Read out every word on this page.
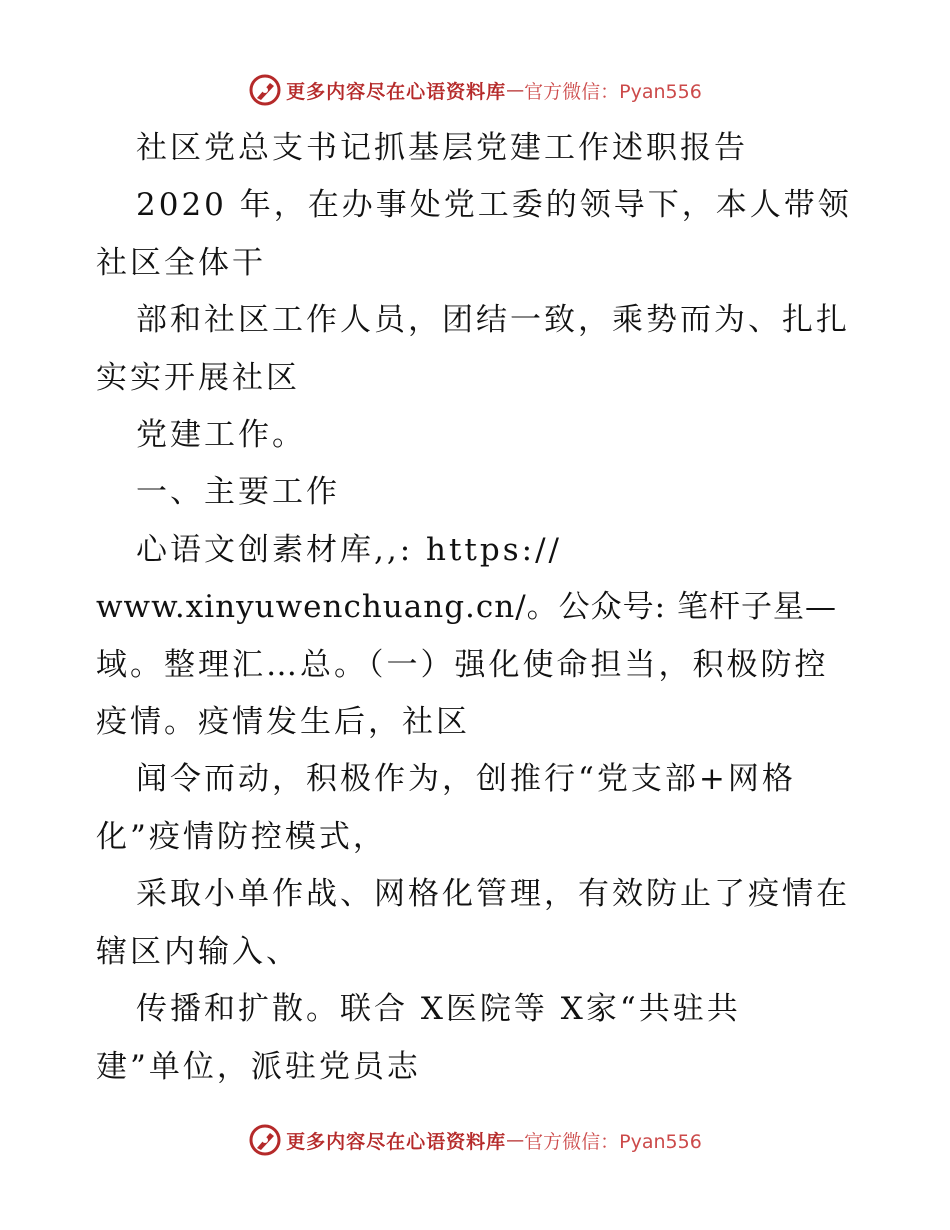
更多内容尽在心语资料库 — 官方微信：Pyan556
社区党总支书记抓基层党建工作述职报告
2020 年，在办事处党工委的领导下，本人带领
社区全体干
部和社区工作人员，团结一致，乘势而为、扎扎
实实开展社区
党建工作。
一、主要工作
心语文创素材库,,: https://
www.xinyuwenchuang.cn/。公众号: 笔杆子星—
域。整理汇…总。（一）强化使命担当，积极防控
疫情。疫情发生后，社区
闻令而动，积极作为，创推行“党支部+网格
化”疫情防控模式，
采取小单作战、网格化管理，有效防止了疫情在
辖区内输入、
传播和扩散。联合 X医院等 X家“共驻共
建”单位，派驻党员志
更多内容尽在心语资料库 — 官方微信：Pyan556
